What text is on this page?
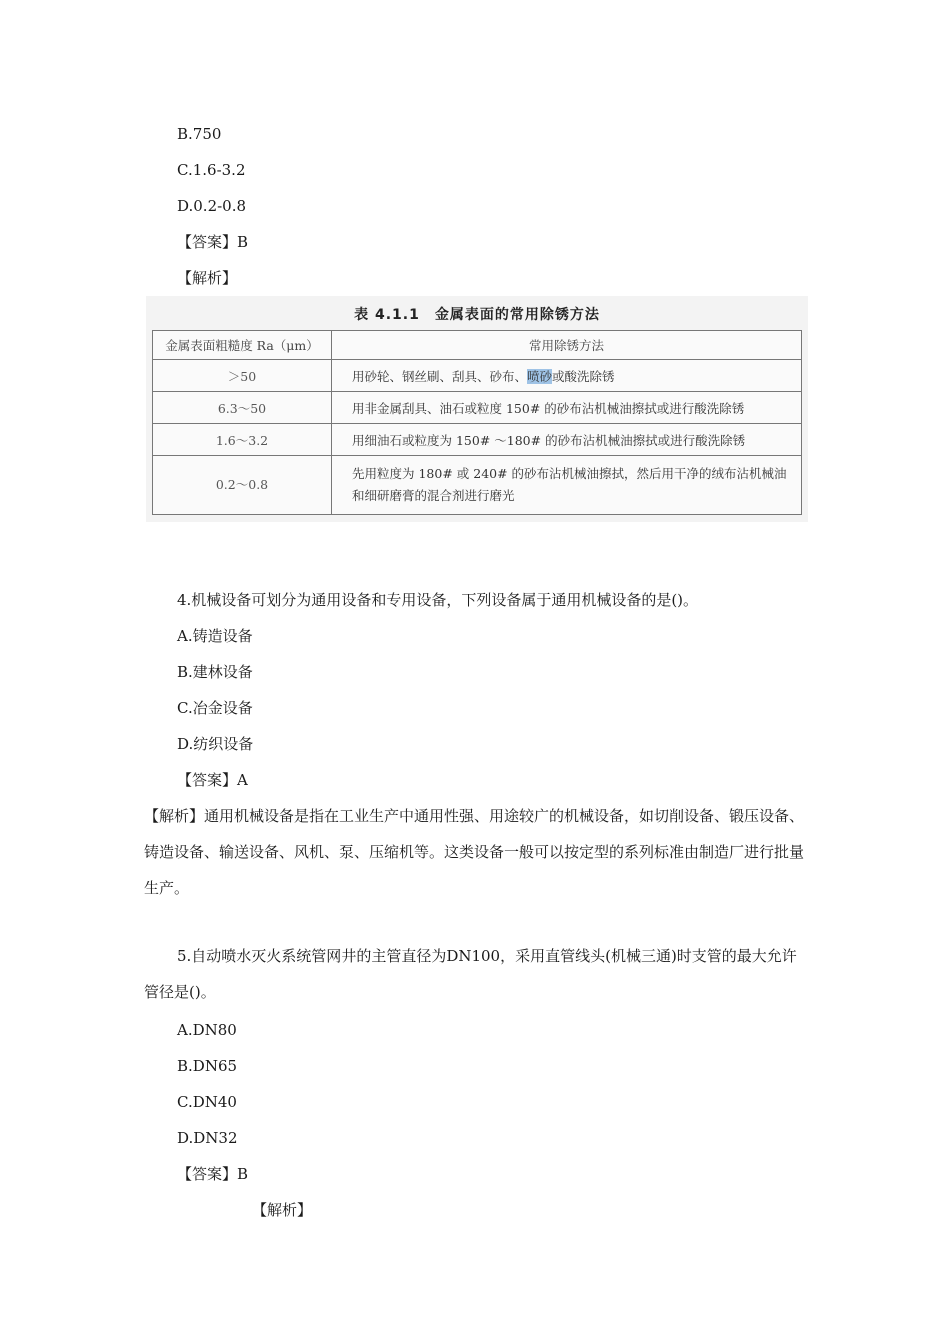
B.750
C.1.6-3.2
D.0.2-0.8
【答案】B
【解析】
表 4.1.1　金属表面的常用除锈方法
金属表面粗糙度 Ra（μm）	常用除锈方法
＞50	用砂轮、钢丝刷、刮具、砂布、喷砂或酸洗除锈
6.3～50	用非金属刮具、油石或粒度 150# 的砂布沾机械油擦拭或进行酸洗除锈
1.6～3.2	用细油石或粒度为 150# ～180# 的砂布沾机械油擦拭或进行酸洗除锈
0.2～0.8	先用粒度为 180# 或 240# 的砂布沾机械油擦拭，然后用干净的绒布沾机械油和细研磨膏的混合剂进行磨光
4.机械设备可划分为通用设备和专用设备，下列设备属于通用机械设备的是()。
A.铸造设备
B.建林设备
C.冶金设备
D.纺织设备
【答案】A
【解析】通用机械设备是指在工业生产中通用性强、用途较广的机械设备，如切削设备、锻压设备、铸造设备、输送设备、风机、泵、压缩机等。这类设备一般可以按定型的系列标准由制造厂进行批量生产。
5.自动喷水灭火系统管网井的主管直径为DN100，采用直管线头(机械三通)时支管的最大允许管径是()。
A.DN80
B.DN65
C.DN40
D.DN32
【答案】B
【解析】
